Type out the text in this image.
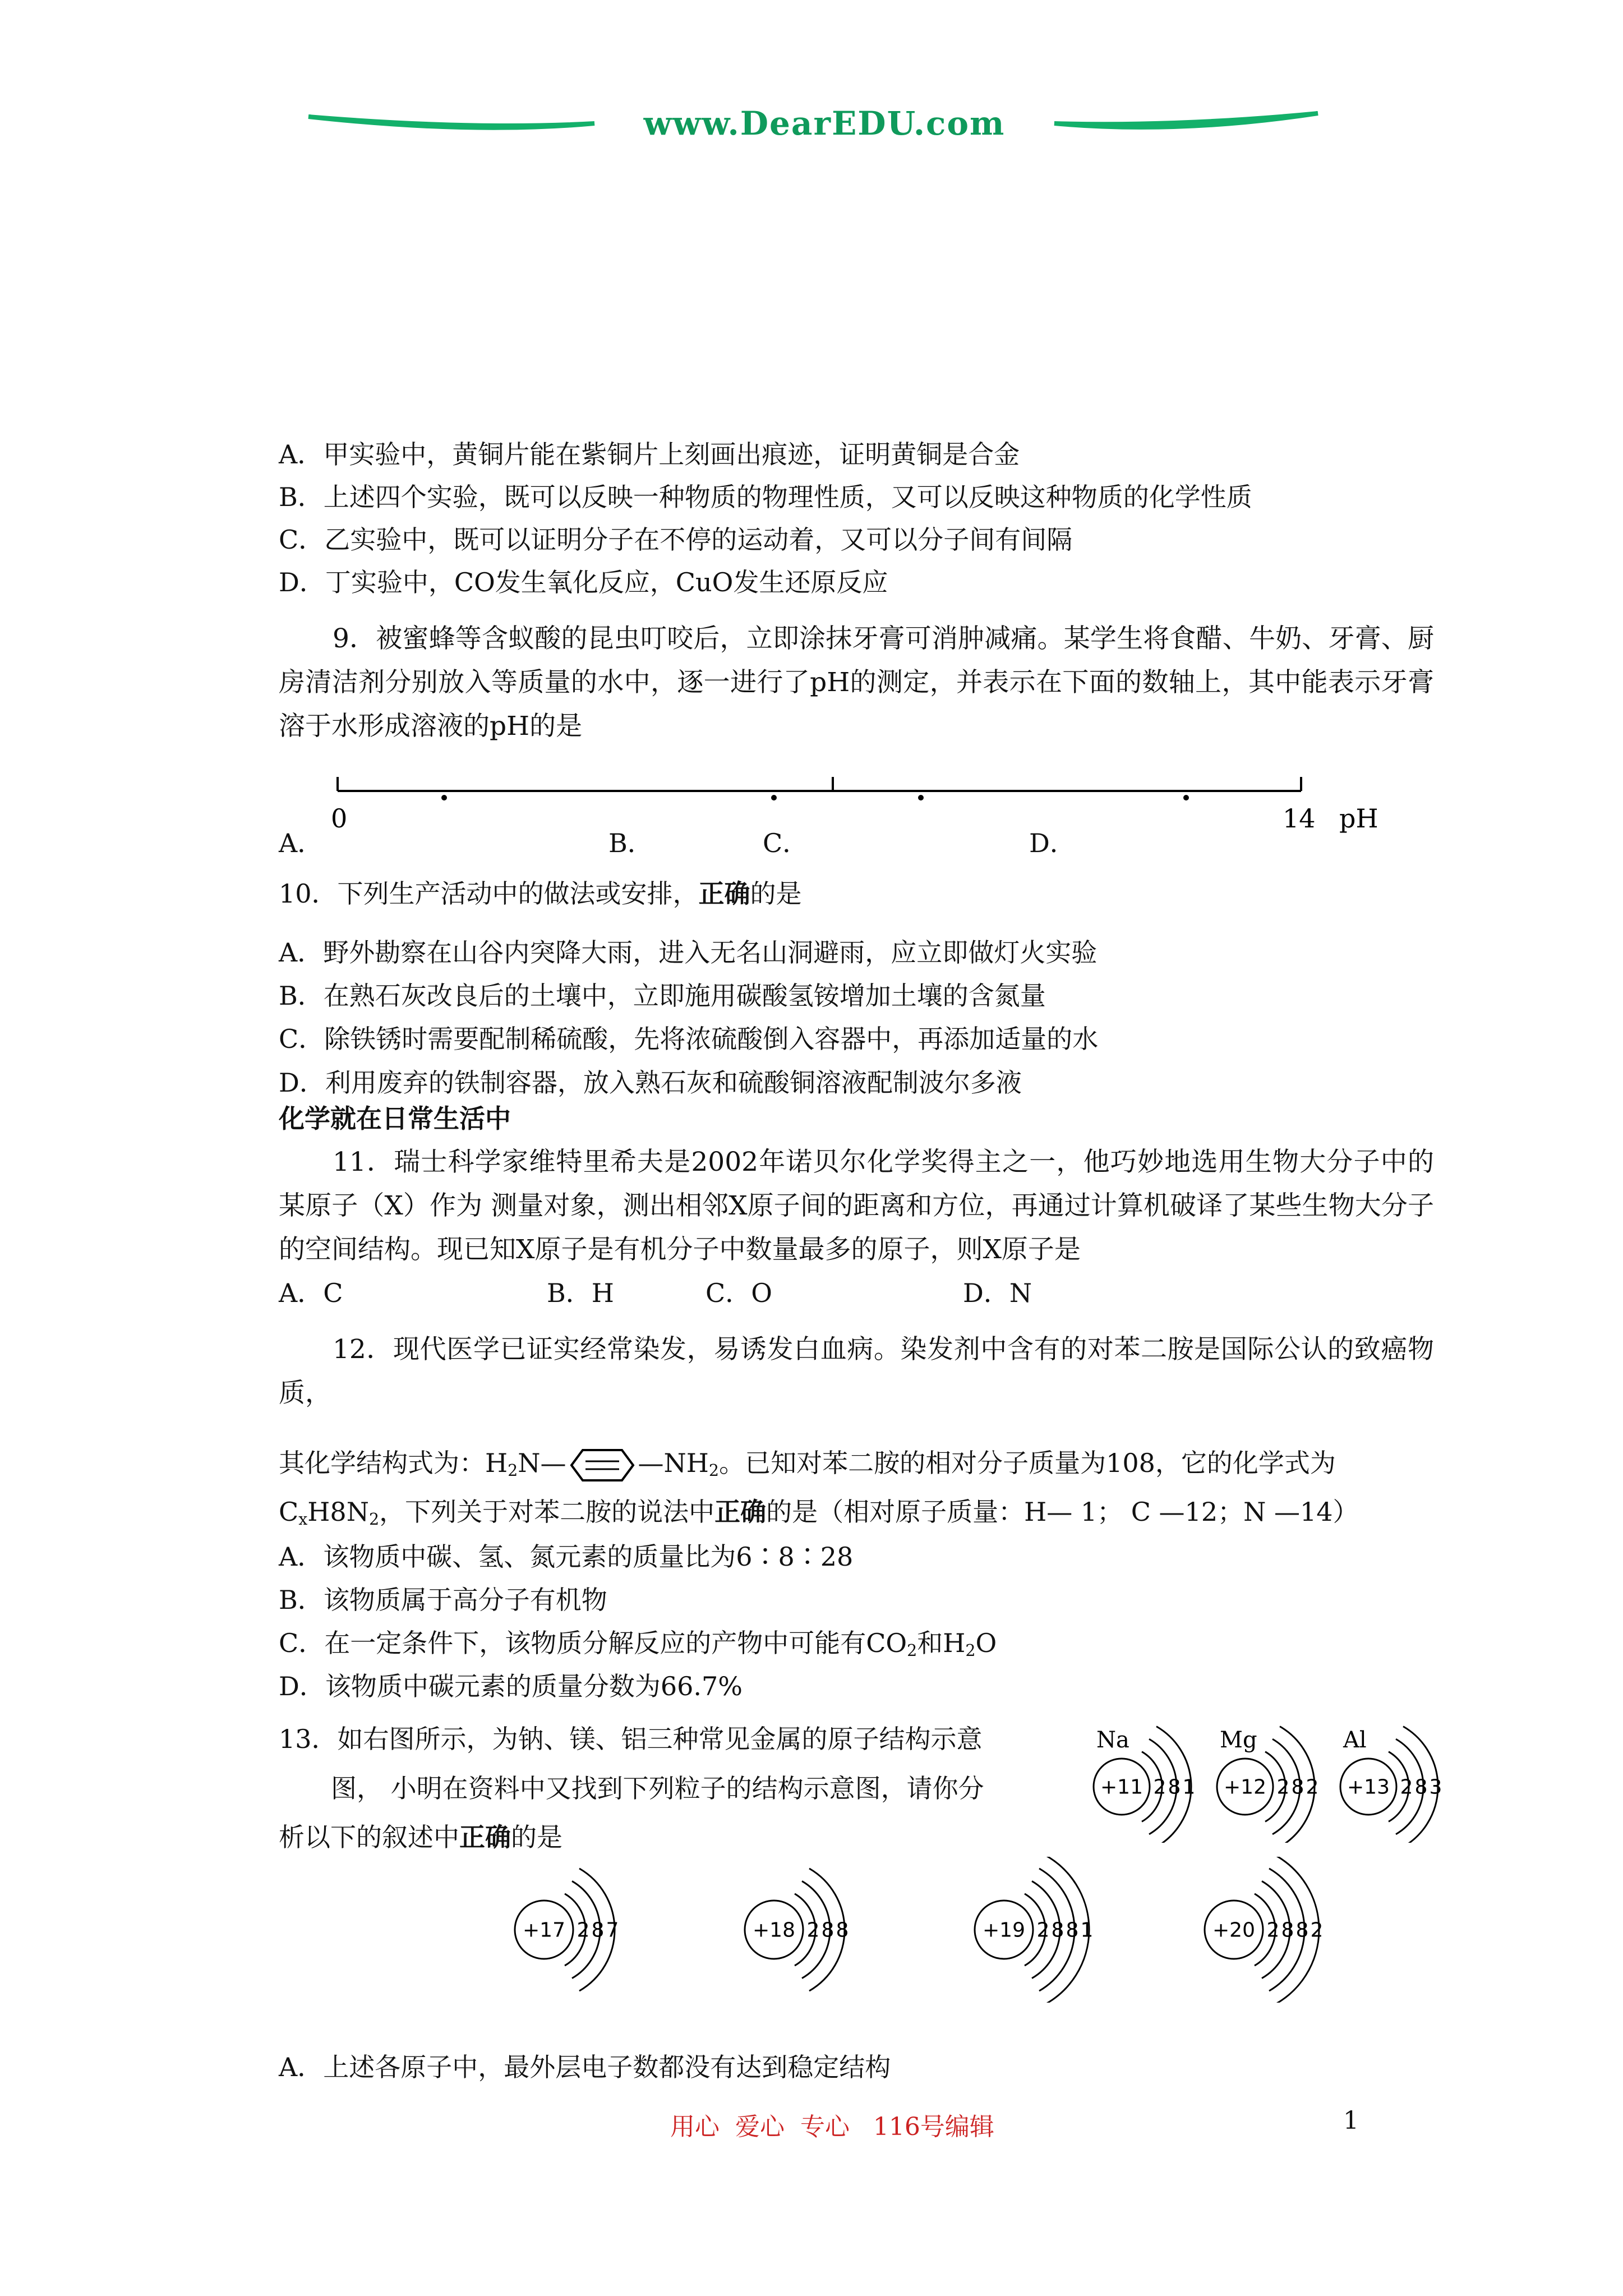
www.DearEDU.com
A．甲实验中，黄铜片能在紫铜片上刻画出痕迹，证明黄铜是合金
B．上述四个实验，既可以反映一种物质的物理性质，又可以反映这种物质的化学性质
C．乙实验中，既可以证明分子在不停的运动着，又可以分子间有间隔
D．丁实验中，CO发生氧化反应，CuO发生还原反应
9．被蜜蜂等含蚁酸的昆虫叮咬后，立即涂抹牙膏可消肿减痛。某学生将食醋、牛奶、牙膏、厨房清洁剂分别放入等质量的水中，逐一进行了pH的测定，并表示在下面的数轴上，其中能表示牙膏溶于水形成溶液的pH的是
0	14 pH
A．	B．	C．	D．
10．下列生产活动中的做法或安排，正确的是
A．野外勘察在山谷内突降大雨，进入无名山洞避雨，应立即做灯火实验
B．在熟石灰改良后的土壤中，立即施用碳酸氢铵增加土壤的含氮量
C．除铁锈时需要配制稀硫酸，先将浓硫酸倒入容器中，再添加适量的水
D．利用废弃的铁制容器，放入熟石灰和硫酸铜溶液配制波尔多液
化学就在日常生活中
11．瑞士科学家维特里希夫是2002年诺贝尔化学奖得主之一，他巧妙地选用生物大分子中的某原子（X）作为 测量对象，测出相邻X原子间的距离和方位，再通过计算机破译了某些生物大分子的空间结构。现已知X原子是有机分子中数量最多的原子，则X原子是
A．C	B．H	C．O	D．N
12．现代医学已证实经常染发，易诱发白血病。染发剂中含有的对苯二胺是国际公认的致癌物质，
其化学结构式为：$H_2N—$	$—NH_2$。已知对苯二胺的相对分子质量为108，它的化学式为
$C_xH8N_2$，下列关于对苯二胺的说法中正确的是（相对原子质量：H— 1； C —12；N —14）
A．该物质中碳、氢、氮元素的质量比为6∶8∶28
B．该物质属于高分子有机物
C．在一定条件下，该物质分解反应的产物中可能有$CO_2$和$H_2O$
D．该物质中碳元素的质量分数为66.7%
13．如右图所示，为钠、镁、铝三种常见金属的原子结构示意
图， 小明在资料中又找到下列粒子的结构示意图，请你分
析以下的叙述中正确的是
+11 2 8 1
Na
+12 2 8 2
Mg
+13 2 8 3
Al
+17 2 8 7	+18 2 8 8	+19 2 8 8 1	+20 2 8 8 2
A．上述各原子中，最外层电子数都没有达到稳定结构
用心  爱心  专心   116号编辑	1
